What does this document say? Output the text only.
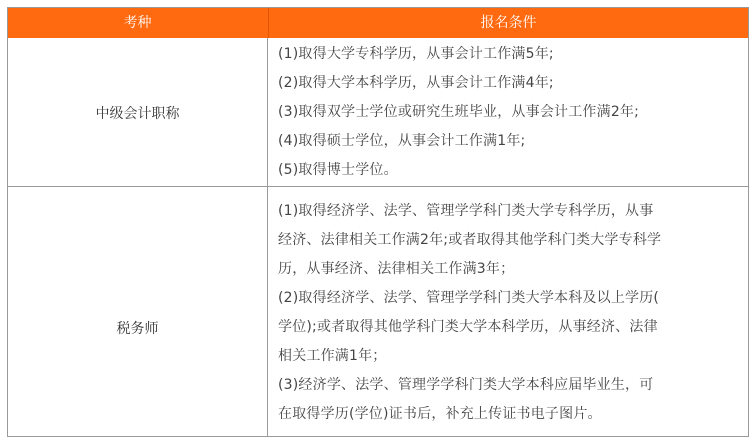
考种	报名条件
中级会计职称
(1)取得大学专科学历，从事会计工作满5年;
(2)取得大学本科学历，从事会计工作满4年;
(3)取得双学士学位或研究生班毕业，从事会计工作满2年;
(4)取得硕士学位，从事会计工作满1年;
(5)取得博士学位。
税务师
(1)取得经济学、法学、管理学学科门类大学专科学历，从事
经济、法律相关工作满2年;或者取得其他学科门类大学专科学
历，从事经济、法律相关工作满3年；
(2)取得经济学、法学、管理学学科门类大学本科及以上学历(
学位);或者取得其他学科门类大学本科学历，从事经济、法律
相关工作满1年；
(3)经济学、法学、管理学学科门类大学本科应届毕业生，可
在取得学历(学位)证书后，补充上传证书电子图片。
